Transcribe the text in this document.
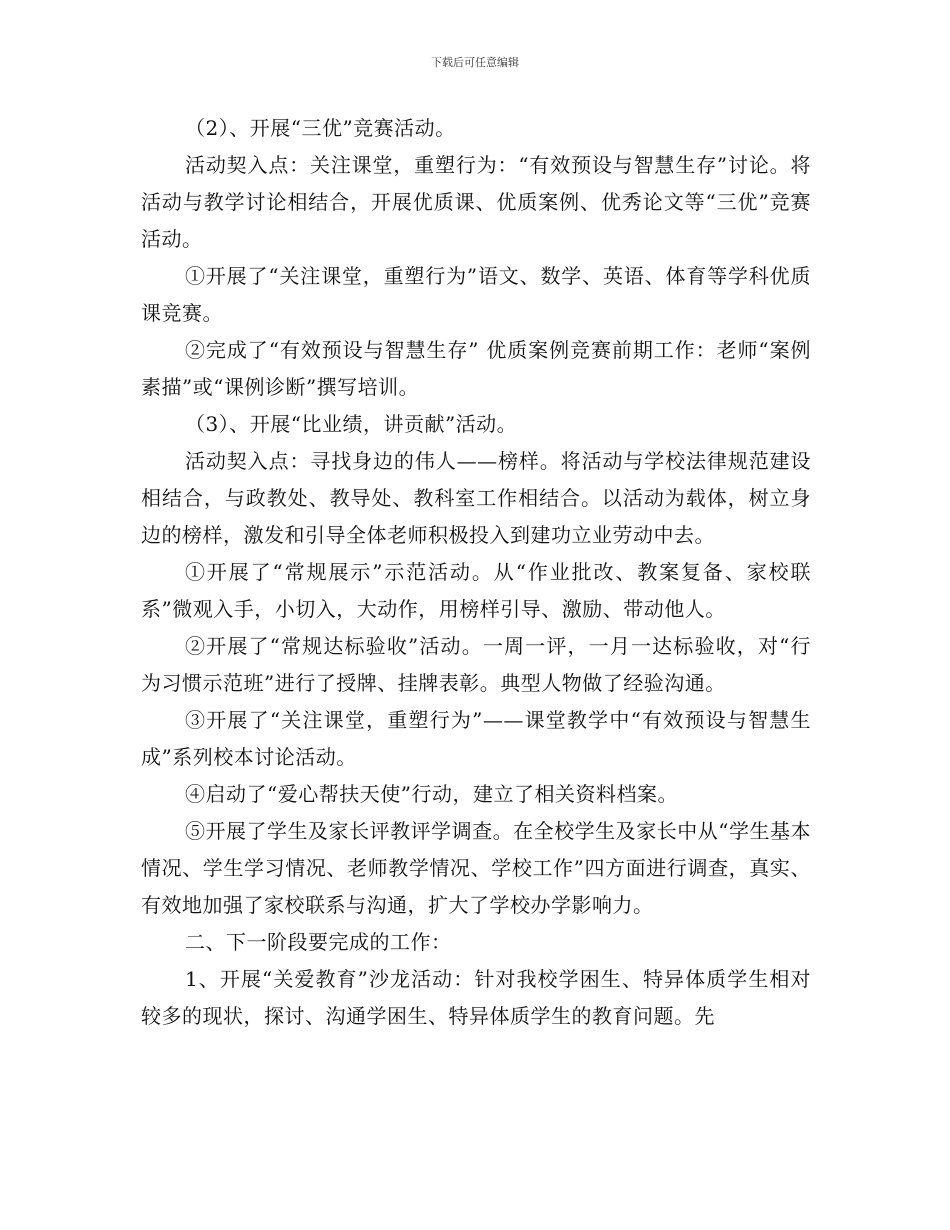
下载后可任意编辑

（2）、开展“三优”竞赛活动。

活动契入点：关注课堂，重塑行为：“有效预设与智慧生存”讨论。将活动与教学讨论相结合，开展优质课、优质案例、优秀论文等“三优”竞赛活动。

①开展了“关注课堂，重塑行为”语文、数学、英语、体育等学科优质课竞赛。

②完成了“有效预设与智慧生存” 优质案例竞赛前期工作：老师“案例素描”或“课例诊断”撰写培训。

（3）、开展“比业绩，讲贡献”活动。

活动契入点：寻找身边的伟人——榜样。将活动与学校法律规范建设相结合，与政教处、教导处、教科室工作相结合。以活动为载体，树立身边的榜样，激发和引导全体老师积极投入到建功立业劳动中去。

①开展了“常规展示”示范活动。从“作业批改、教案复备、家校联系”微观入手，小切入，大动作，用榜样引导、激励、带动他人。

②开展了“常规达标验收”活动。一周一评，一月一达标验收，对“行为习惯示范班”进行了授牌、挂牌表彰。典型人物做了经验沟通。

③开展了“关注课堂，重塑行为”——课堂教学中“有效预设与智慧生成”系列校本讨论活动。

④启动了“爱心帮扶天使”行动，建立了相关资料档案。

⑤开展了学生及家长评教评学调查。在全校学生及家长中从“学生基本情况、学生学习情况、老师教学情况、学校工作”四方面进行调查，真实、有效地加强了家校联系与沟通，扩大了学校办学影响力。

二、下一阶段要完成的工作：

1、开展“关爱教育”沙龙活动：针对我校学困生、特异体质学生相对较多的现状，探讨、沟通学困生、特异体质学生的教育问题。先
